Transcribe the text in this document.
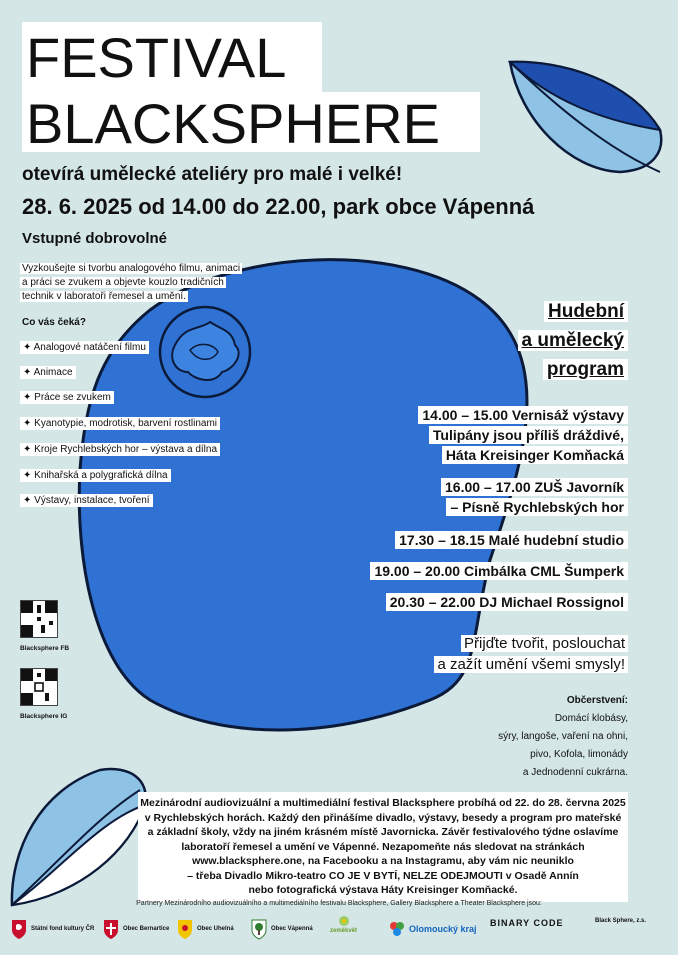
FESTIVAL
BLACKSPHERE
otevírá umělecké ateliéry pro malé i velké!
28. 6. 2025 od 14.00 do 22.00, park obce Vápenná
Vstupné dobrovolné
Vyzkoušejte si tvorbu analogového filmu, animaci
a práci se zvukem a objevte kouzlo tradičních
technik v laboratoři řemesel a umění.
Co vás čeká?
✦ Analogové natáčení filmu
✦ Animace
✦ Práce se zvukem
✦ Kyanotypie, modrotisk, barvení rostlinami
✦ Kroje Rychlebských hor – výstava a dílna
✦ Knihařská a polygrafická dílna
✦ Výstavy, instalace, tvoření
Hudební
a umělecký
program
14.00 – 15.00 Vernisáž výstavy
Tulipány jsou příliš dráždivé,
Háta Kreisinger Komňacká
16.00 – 17.00 ZUŠ Javorník
– Písně Rychlebských hor
17.30 – 18.15 Malé hudební studio
19.00 – 20.00 Cimbálka CML Šumperk
20.30 – 22.00 DJ Michael Rossignol
Přijďte tvořit, poslouchat
a zažít umění všemi smysly!
Občerstvení:
Domácí klobásy,
sýry, langoše, vaření na ohni,
pivo, Kofola, limonády
a Jednodenní cukrárna.
Blacksphere FB
Blacksphere IG
Mezinárodní audiovizuální a multimediální festival Blacksphere probíhá od 22. do 28. června 2025
v Rychlebských horách. Každý den přinášíme divadlo, výstavy, besedy a program pro mateřské
a základní školy, vždy na jiném krásném místě Javornicka. Závěr festivalového týdne oslavíme
laboratoří řemesel a umění ve Vápenné. Nezapomeňte nás sledovat na stránkách
www.blacksphere.one, na Facebooku a na Instagramu, aby vám nic neuniklo
– třeba Divadlo Mikro-teatro CO JE V BYTÍ, NELZE ODEJMOUTI v Osadě Annín
nebo fotografická výstava Háty Kreisinger Komňacké.
Partnery Mezinárodního audiovizuálního a multimediálního festivalu Blacksphere, Gallery Blacksphere a Theater Blacksphere jsou:
Státní fond kultury ČR	Obec Bernartice	Obec Uhelná	Obec Vápenná	zeměkvět	Olomoucký kraj
BINARY CODE	Black Sphere, z.s.
